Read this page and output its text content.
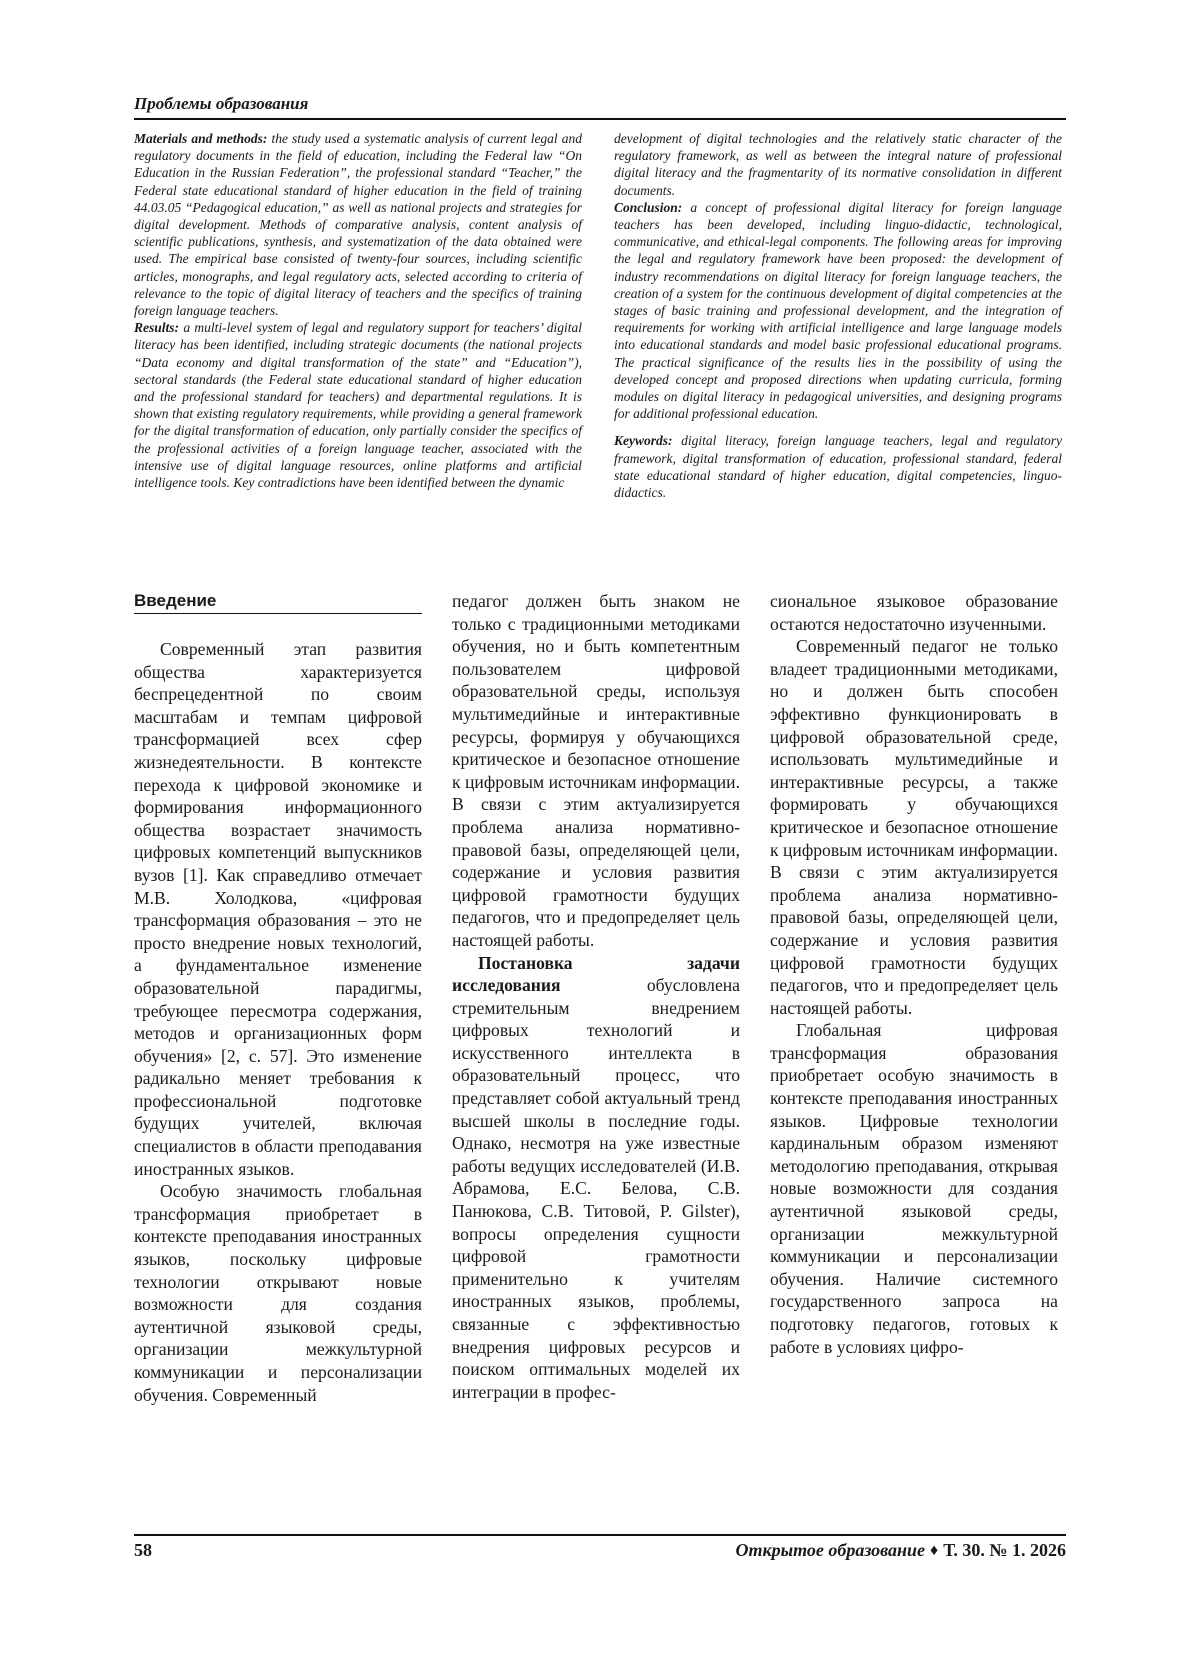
Проблемы образования

Materials and methods: the study used a systematic analysis of current legal and regulatory documents in the field of education, including the Federal law “On Education in the Russian Federation”, the professional standard “Teacher,” the Federal state educational standard of higher education in the field of training 44.03.05 “Pedagogical education,” as well as national projects and strategies for digital development. Methods of comparative analysis, content analysis of scientific publications, synthesis, and systematization of the data obtained were used. The empirical base consisted of twenty-four sources, including scientific articles, monographs, and legal regulatory acts, selected according to criteria of relevance to the topic of digital literacy of teachers and the specifics of training foreign language teachers.

Results: a multi-level system of legal and regulatory support for teachers’ digital literacy has been identified, including strategic documents (the national projects “Data economy and digital transformation of the state” and “Education”), sectoral standards (the Federal state educational standard of higher education and the professional standard for teachers) and departmental regulations. It is shown that existing regulatory requirements, while providing a general framework for the digital transformation of education, only partially consider the specifics of the professional activities of a foreign language teacher, associated with the intensive use of digital language resources, online platforms and artificial intelligence tools. Key contradictions have been identified between the dynamic

development of digital technologies and the relatively static character of the regulatory framework, as well as between the integral nature of professional digital literacy and the fragmentarity of its normative consolidation in different documents.

Conclusion: a concept of professional digital literacy for foreign language teachers has been developed, including linguo-didactic, technological, communicative, and ethical-legal components. The following areas for improving the legal and regulatory framework have been proposed: the development of industry recommendations on digital literacy for foreign language teachers, the creation of a system for the continuous development of digital competencies at the stages of basic training and professional development, and the integration of requirements for working with artificial intelligence and large language models into educational standards and model basic professional educational programs. The practical significance of the results lies in the possibility of using the developed concept and proposed directions when updating curricula, forming modules on digital literacy in pedagogical universities, and designing programs for additional professional education.

Keywords: digital literacy, foreign language teachers, legal and regulatory framework, digital transformation of education, professional standard, federal state educational standard of higher education, digital competencies, linguo-didactics.

Введение

Современный этап развития общества характеризуется беспрецедентной по своим масштабам и темпам цифровой трансформацией всех сфер жизнедеятельности. В контексте перехода к цифровой экономике и формирования информационного общества возрастает значимость цифровых компетенций выпускников вузов [1]. Как справедливо отмечает М.В. Холодкова, «цифровая трансформация образования – это не просто внедрение новых технологий, а фундаментальное изменение образовательной парадигмы, требующее пересмотра содержания, методов и организационных форм обучения» [2, с. 57]. Это изменение радикально меняет требования к профессиональной подготовке будущих учителей, включая специалистов в области преподавания иностранных языков.

Особую значимость глобальная трансформация приобретает в контексте преподавания иностранных языков, поскольку цифровые технологии открывают новые возможности для создания аутентичной языковой среды, организации межкультурной коммуникации и персонализации обучения. Современный

педагог должен быть знаком не только с традиционными методиками обучения, но и быть компетентным пользователем цифровой образовательной среды, используя мультимедийные и интерактивные ресурсы, формируя у обучающихся критическое и безопасное отношение к цифровым источникам информации. В связи с этим актуализируется проблема анализа нормативно-правовой базы, определяющей цели, содержание и условия развития цифровой грамотности будущих педагогов, что и предопределяет цель настоящей работы.

Постановка задачи исследования обусловлена стремительным внедрением цифровых технологий и искусственного интеллекта в образовательный процесс, что представляет собой актуальный тренд высшей школы в последние годы. Однако, несмотря на уже известные работы ведущих исследователей (И.В. Абрамова, Е.С. Белова, С.В. Панюкова, С.В. Титовой, P. Gilster), вопросы определения сущности цифровой грамотности применительно к учителям иностранных языков, проблемы, связанные с эффективностью внедрения цифровых ресурсов и поиском оптимальных моделей их интеграции в профес-

сиональное языковое образование остаются недостаточно изученными.

Современный педагог не только владеет традиционными методиками, но и должен быть способен эффективно функционировать в цифровой образовательной среде, использовать мультимедийные и интерактивные ресурсы, а также формировать у обучающихся критическое и безопасное отношение к цифровым источникам информации. В связи с этим актуализируется проблема анализа нормативно-правовой базы, определяющей цели, содержание и условия развития цифровой грамотности будущих педагогов, что и предопределяет цель настоящей работы.

Глобальная цифровая трансформация образования приобретает особую значимость в контексте преподавания иностранных языков. Цифровые технологии кардинальным образом изменяют методологию преподавания, открывая новые возможности для создания аутентичной языковой среды, организации межкультурной коммуникации и персонализации обучения. Наличие системного государственного запроса на подготовку педагогов, готовых к работе в условиях цифро-

58	Открытое образование ♦ Т. 30. № 1. 2026
